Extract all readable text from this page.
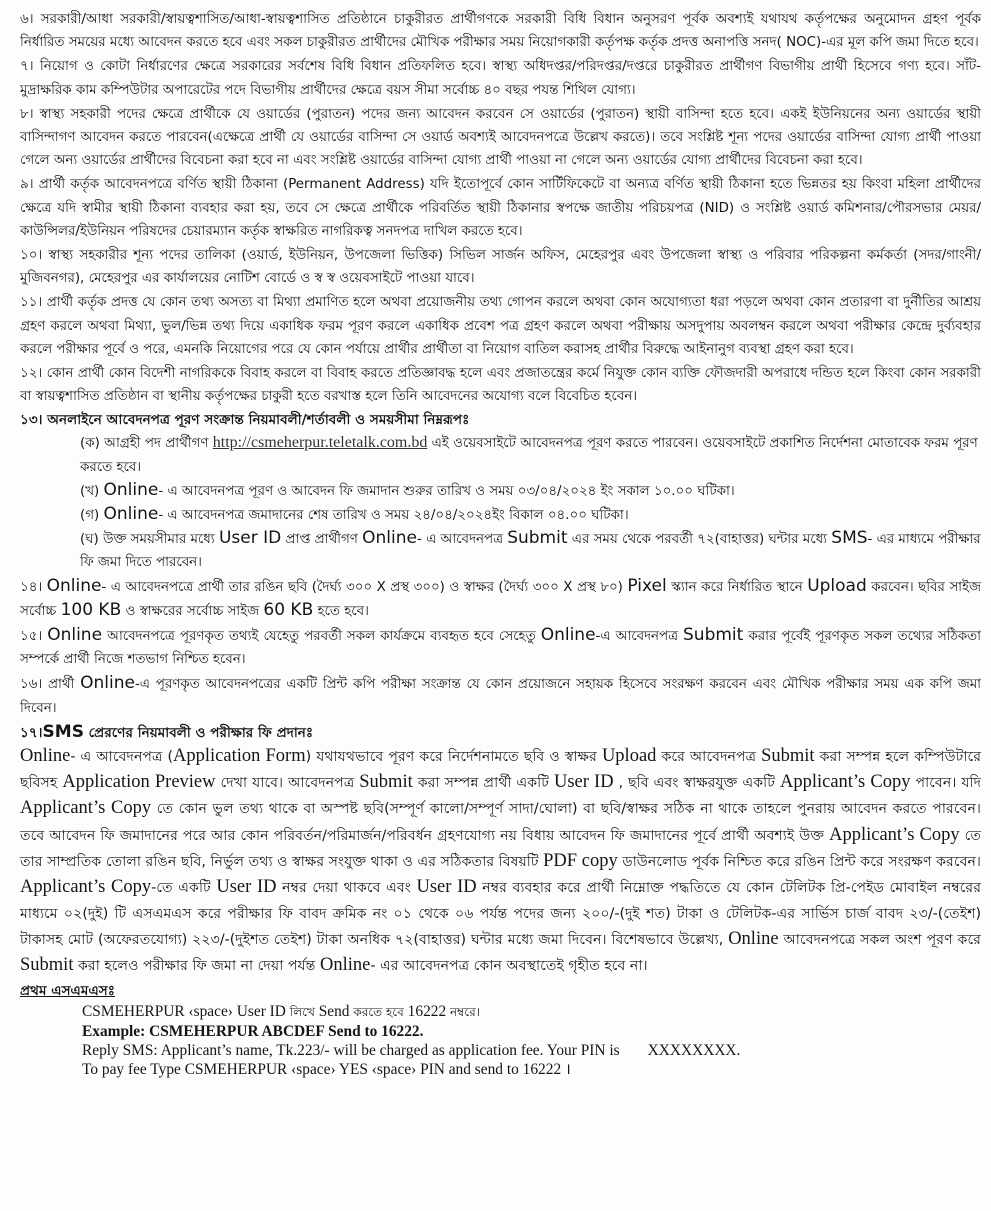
৬। সরকারী/আধা সরকারী/স্বায়ত্বশাসিত/আধা-স্বায়ত্বশাসিত প্রতিষ্ঠানে চাকুরীরত প্রার্থীগণকে সরকারী বিধি বিধান অনুসরণ পূর্বক অবশ্যই যথাযথ কর্তৃপক্ষের অনুমোদন গ্রহণ পূর্বক নির্ধারিত সময়ের মধ্যে আবেদন করতে হবে এবং সকল চাকুরীরত প্রার্থীদের মৌখিক পরীক্ষার সময় নিয়োগকারী কর্তৃপক্ষ কর্তৃক প্রদত্ত অনাপত্তি সনদ( NOC)-এর মূল কপি জমা দিতে হবে।

৭। নিয়োগ ও কোটা নির্ধারণের ক্ষেত্রে সরকারের সর্বশেষ বিধি বিধান প্রতিফলিত হবে। স্বাস্থ্য অধিদপ্তর/পরিদপ্তর/দপ্তরে চাকুরীরত প্রার্থীগণ বিভাগীয় প্রার্থী হিসেবে গণ্য হবে। সাঁট-মুদ্রাক্ষরিক কাম কম্পিউটার অপারেটের পদে বিভাগীয় প্রার্থীদের ক্ষেত্রে বয়স সীমা সর্বোচ্চ ৪০ বছর পযন্ত শিথিল যোগ্য।

৮। স্বাস্থ্য সহকারী পদের ক্ষেত্রে প্রার্থীকে যে ওয়ার্ডের (পুরাতন) পদের জন্য আবেদন করবেন সে ওয়ার্ডের (পুরাতন) স্থায়ী বাসিন্দা হতে হবে। একই ইউনিয়নের অন্য ওয়ার্ডের স্থায়ী বাসিন্দাগণ আবেদন করতে পারবেন(এক্ষেত্রে প্রার্থী যে ওয়ার্ডের বাসিন্দা সে ওয়ার্ড অবশ্যই আবেদনপত্রে উল্লেখ করতে)। তবে সংশ্লিষ্ট শূন্য পদের ওয়ার্ডের বাসিন্দা যোগ্য প্রার্থী পাওয়া গেলে অন্য ওয়ার্ডের প্রার্থীদের বিবেচনা করা হবে না এবং সংশ্লিষ্ট ওয়ার্ডের বাসিন্দা যোগ্য প্রার্থী পাওয়া না গেলে অন্য ওয়ার্ডের যোগ্য প্রার্থীদের বিবেচনা করা হবে।

৯। প্রার্থী কর্তৃক আবেদনপত্রে বর্ণিত স্থায়ী ঠিকানা (Permanent Address) যদি ইতোপূর্বে কোন সার্টিফিকেটে বা অন্যত্র বর্ণিত স্থায়ী ঠিকানা হতে ভিন্নতর হয় কিংবা মহিলা প্রার্থীদের ক্ষেত্রে যদি স্বামীর স্থায়ী ঠিকানা ব্যবহার করা হয়, তবে সে ক্ষেত্রে প্রার্থীকে পরিবর্তিত স্থায়ী ঠিকানার স্বপক্ষে জাতীয় পরিচয়পত্র (NID) ও সংশ্লিষ্ট ওয়ার্ড কমিশনার/পৌরসভার মেয়র/কাউন্সিলর/ইউনিয়ন পরিষদের চেয়ারম্যান কর্তৃক স্বাক্ষরিত নাগরিকত্ব সনদপত্র দাখিল করতে হবে।

১০। স্বাস্থ্য সহকারীর শূন্য পদের তালিকা (ওয়ার্ড, ইউনিয়ন, উপজেলা ভিত্তিক) সিভিল সার্জন অফিস, মেহেরপুর এবং উপজেলা স্বাস্থ্য ও পরিবার পরিকল্পনা কর্মকর্তা (সদর/গাংনী/মুজিবনগর), মেহেরপুর এর কার্যালয়ের নোটিশ বোর্ডে ও স্ব স্ব ওয়েবসাইটে পাওয়া যাবে।

১১। প্রার্থী কর্তৃক প্রদত্ত যে কোন তথ্য অসত্য বা মিথ্যা প্রমাণিত হলে অথবা প্রয়োজনীয় তথ্য গোপন করলে অথবা কোন অযোগ্যতা ধরা পড়লে অথবা কোন প্রতারণা বা দুর্নীতির আশ্রয় গ্রহণ করলে অথবা মিথ্যা, ভুল/ভিন্ন তথ্য দিয়ে একাধিক ফরম পূরণ করলে একাধিক প্রবেশ পত্র গ্রহণ করলে অথবা পরীক্ষায় অসদুপায় অবলম্বন করলে অথবা পরীক্ষার কেন্দ্রে দুর্ব্যবহার করলে পরীক্ষার পূর্বে ও পরে, এমনকি নিয়োগের পরে যে কোন পর্যায়ে প্রার্থীর প্রার্থীতা বা নিয়োগ বাতিল করাসহ প্রার্থীর বিরুদ্ধে আইনানুগ ব্যবস্থা গ্রহণ করা হবে।

১২। কোন প্রার্থী কোন বিদেশী নাগরিককে বিবাহ করলে বা বিবাহ করতে প্রতিজ্ঞাবদ্ধ হলে এবং প্রজাতন্ত্রের কর্মে নিযুক্ত কোন ব্যক্তি ফৌজদারী অপরাধে দন্ডিত হলে কিংবা কোন সরকারী বা স্বায়ত্বশাসিত প্রতিষ্ঠান বা স্থানীয় কর্তৃপক্ষের চাকুরী হতে বরখাস্ত হলে তিনি আবেদনের অযোগ্য বলে বিবেচিত হবেন।

১৩। অনলাইনে আবেদনপত্র পূরণ সংক্রান্ত নিয়মাবলী/শর্তাবলী ও সময়সীমা নিম্নরূপঃ

(ক) আগ্রহী পদ প্রার্থীগণ http://csmeherpur.teletalk.com.bd এই ওয়েবসাইটে আবেদনপত্র পূরণ করতে পারবেন। ওয়েবসাইটে প্রকাশিত নির্দেশনা মোতাবেক ফরম পূরণ করতে হবে।

(খ) Online- এ আবেদনপত্র পূরণ ও আবেদন ফি জমাদান শুরুর তারিখ ও সময় ০৩/০৪/২০২৪ ইং সকাল ১০.০০ ঘটিকা।

(গ) Online- এ আবেদনপত্র জমাদানের শেষ তারিখ ও সময় ২৪/০৪/২০২৪ইং বিকাল ০৪.০০ ঘটিকা।

(ঘ) উক্ত সময়সীমার মধ্যে User ID প্রাপ্ত প্রার্থীগণ Online- এ আবেদনপত্র Submit এর সময় থেকে পরবর্তী ৭২(বাহাত্তর) ঘন্টার মধ্যে SMS- এর মাধ্যমে পরীক্ষার ফি জমা দিতে পারবেন।

১৪। Online- এ আবেদনপত্রে প্রার্থী তার রঙিন ছবি (দৈর্ঘ্য ৩০০ X প্রস্থ ৩০০) ও স্বাক্ষর (দৈর্ঘ্য ৩০০ X প্রস্থ ৮০) Pixel স্ক্যান করে নির্ধারিত স্থানে Upload করবেন। ছবির সাইজ সর্বোচ্চ 100 KB ও স্বাক্ষরের সর্বোচ্চ সাইজ 60 KB হতে হবে।

১৫। Online আবেদনপত্রে পূরণকৃত তথ্যই যেহেতু পরবর্তী সকল কার্যক্রমে ব্যবহৃত হবে সেহেতু Online-এ আবেদনপত্র Submit করার পূর্বেই পূরণকৃত সকল তথ্যের সঠিকতা সম্পর্কে প্রার্থী নিজে শতভাগ নিশ্চিত হবেন।

১৬। প্রার্থী Online-এ পূরণকৃত আবেদনপত্রের একটি প্রিন্ট কপি পরীক্ষা সংক্রান্ত যে কোন প্রয়োজনে সহায়ক হিসেবে সংরক্ষণ করবেন এবং মৌখিক পরীক্ষার সময় এক কপি জমা দিবেন।

১৭।SMS প্রেরণের নিয়মাবলী ও পরীক্ষার ফি প্রদানঃ

Online- এ আবেদনপত্র (Application Form) যথাযথভাবে পূরণ করে নির্দেশনামতে ছবি ও স্বাক্ষর Upload করে আবেদনপত্র Submit করা সম্পন্ন হলে কম্পিউটারে ছবিসহ Application Preview দেখা যাবে। আবেদনপত্র Submit করা সম্পন্ন প্রার্থী একটি User ID , ছবি এবং স্বাক্ষরযুক্ত একটি Applicant’s Copy পাবেন। যদি Applicant’s Copy তে কোন ভুল তথ্য থাকে বা অস্পষ্ট ছবি(সম্পূর্ণ কালো/সম্পূর্ণ সাদা/ঘোলা) বা ছবি/স্বাক্ষর সঠিক না থাকে তাহলে পুনরায় আবেদন করতে পারবেন। তবে আবেদন ফি জমাদানের পরে আর কোন পরিবর্তন/পরিমার্জন/পরিবর্ধন গ্রহণযোগ্য নয় বিধায় আবেদন ফি জমাদানের পূর্বে প্রার্থী অবশ্যই উক্ত Applicant’s Copy তে তার সাম্প্রতিক তোলা রঙিন ছবি, নির্ভুল তথ্য ও স্বাক্ষর সংযুক্ত থাকা ও এর সঠিকতার বিষয়টি PDF copy ডাউনলোড পূর্বক নিশ্চিত করে রঙিন প্রিন্ট করে সংরক্ষণ করবেন। Applicant’s Copy-তে একটি User ID নম্বর দেয়া থাকবে এবং User ID নম্বর ব্যবহার করে প্রার্থী নিম্নোক্ত পদ্ধতিতে যে কোন টেলিটক প্রি-পেইড মোবাইল নম্বরের মাধ্যমে ০২(দুই) টি এসএমএস করে পরীক্ষার ফি বাবদ ক্রমিক নং ০১ থেকে ০৬ পর্যন্ত পদের জন্য ২০০/-(দুই শত) টাকা ও টেলিটক-এর সার্ভিস চার্জ বাবদ ২৩/-(তেইশ) টাকাসহ মোট (অফেরতযোগ্য) ২২৩/-(দুইশত তেইশ) টাকা অনধিক ৭২(বাহাত্তর) ঘন্টার মধ্যে জমা দিবেন। বিশেষভাবে উল্লেখ্য, Online আবেদনপত্রে সকল অংশ পূরণ করে Submit করা হলেও পরীক্ষার ফি জমা না দেয়া পর্যন্ত Online- এর আবেদনপত্র কোন অবস্থাতেই গৃহীত হবে না।

প্রথম এসএমএসঃ

CSMEHERPUR ‹space› User ID লিখে Send করতে হবে 16222 নম্বরে।

Example: CSMEHERPUR ABCDEF Send to 16222.

Reply SMS: Applicant’s name, Tk.223/- will be charged as application fee. Your PIN is XXXXXXXX.

To pay fee Type CSMEHERPUR ‹space› YES ‹space› PIN and send to 16222 ।
